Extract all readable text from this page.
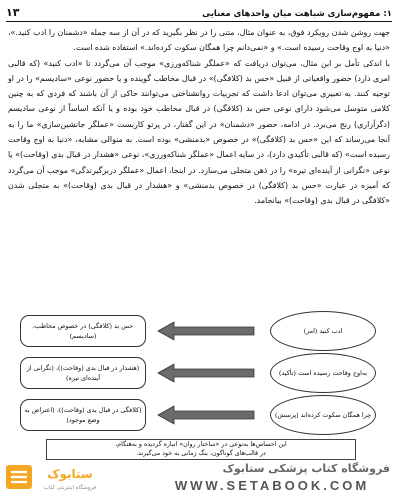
۱: مفهوم‌سازی شباهت میان واحدهای معنایی
۱۳

جهت روشن شدن رویکرد فوق، به عنوان مثال، متنی را در نظر بگیرید که در آن از سه جمله «دشمنان را ادب کنید.»، «دنیا به اوج وقاحت رسیده است.» و «نمی‌دانم چرا همگان سکوت کرده‌اند.» استفاده شده است.

با اندکی تأمل بر این مثال، می‌توان دریافت که «عملگر شناکه‌ورزی» موجب آن می‌گردد تا «ادب کنید» (که قالبی امری دارد) حضور واقعیاتی از قبیل «حس بد (کلافگی)» در قبال مخاطب گوینده و یا حضور نوعی «سادیسم» را در او توجیه کنند. به تعبیری می‌توان ادعا داشت که تجربیات روانشناختی می‌توانند حاکی از آن باشند که فردی که به چنین کلامی متوسل می‌شود دارای نوعی حس بد (کلافگی) در قبال مخاطب خود بوده و یا آنکه اساساً از نوعی سادیسم (دگرآزاری) رنج می‌برد. در ادامه، حضور «دشمنان» در این گفتار، در پرتو کاربست «عملگر جانشین‌سازی» ما را به آنجا می‌رساند که این «حس بد (کلافگی)» در خصوص «بدمنشی» بوده است. به منوالی مشابه، «دنیا به اوج وقاحت رسیده است» (که قالبی تأکیدی دارد)، در سایه اعمال «عملگر شناکه‌ورزی»، نوعی «هشدار در قبال بدی (وقاحت)» یا نوعی «نگرانی از آینده‌ای تیره» را در ذهن متجلی می‌سازد. در اینجا، اعمال «عملگر دربرگیرندگی» موجب آن می‌گردد که آمیزه در عبارت «حس بد (کلافگی) در خصوص بدمنشی» و «هشدار در قبال بدی (وقاحت)» به متجلی شدن «کلافگی در قبال بدی (وقاحت)» بیانجامد.

حس بد (کلافگی) در خصوص مخاطب، (سادیسم)
(هشدار در قبال بدی (وقاحت))، (نگرانی از آینده‌ای تیره)
(کلافگی در قبال بدی (وقاحت))، (اعتراض به وضع موجود)
ادب کنید (امر)
به‌اوج وقاحت رسیده است (تأکید)
چرا همگان سکوت کرده‌اند (پرسش)
این احساس‌ها به‌نوعی در «ساختار روان» انباره گردیده و به‌هنگام،
در قالب‌های گوناگون، بنگ زمانی به خود می‌گیرند.
ستابوک
فروشگاه اینترنتی کتاب
فروشگاه کتاب پزشکی ستابوک
WWW.SETABOOK.COM
